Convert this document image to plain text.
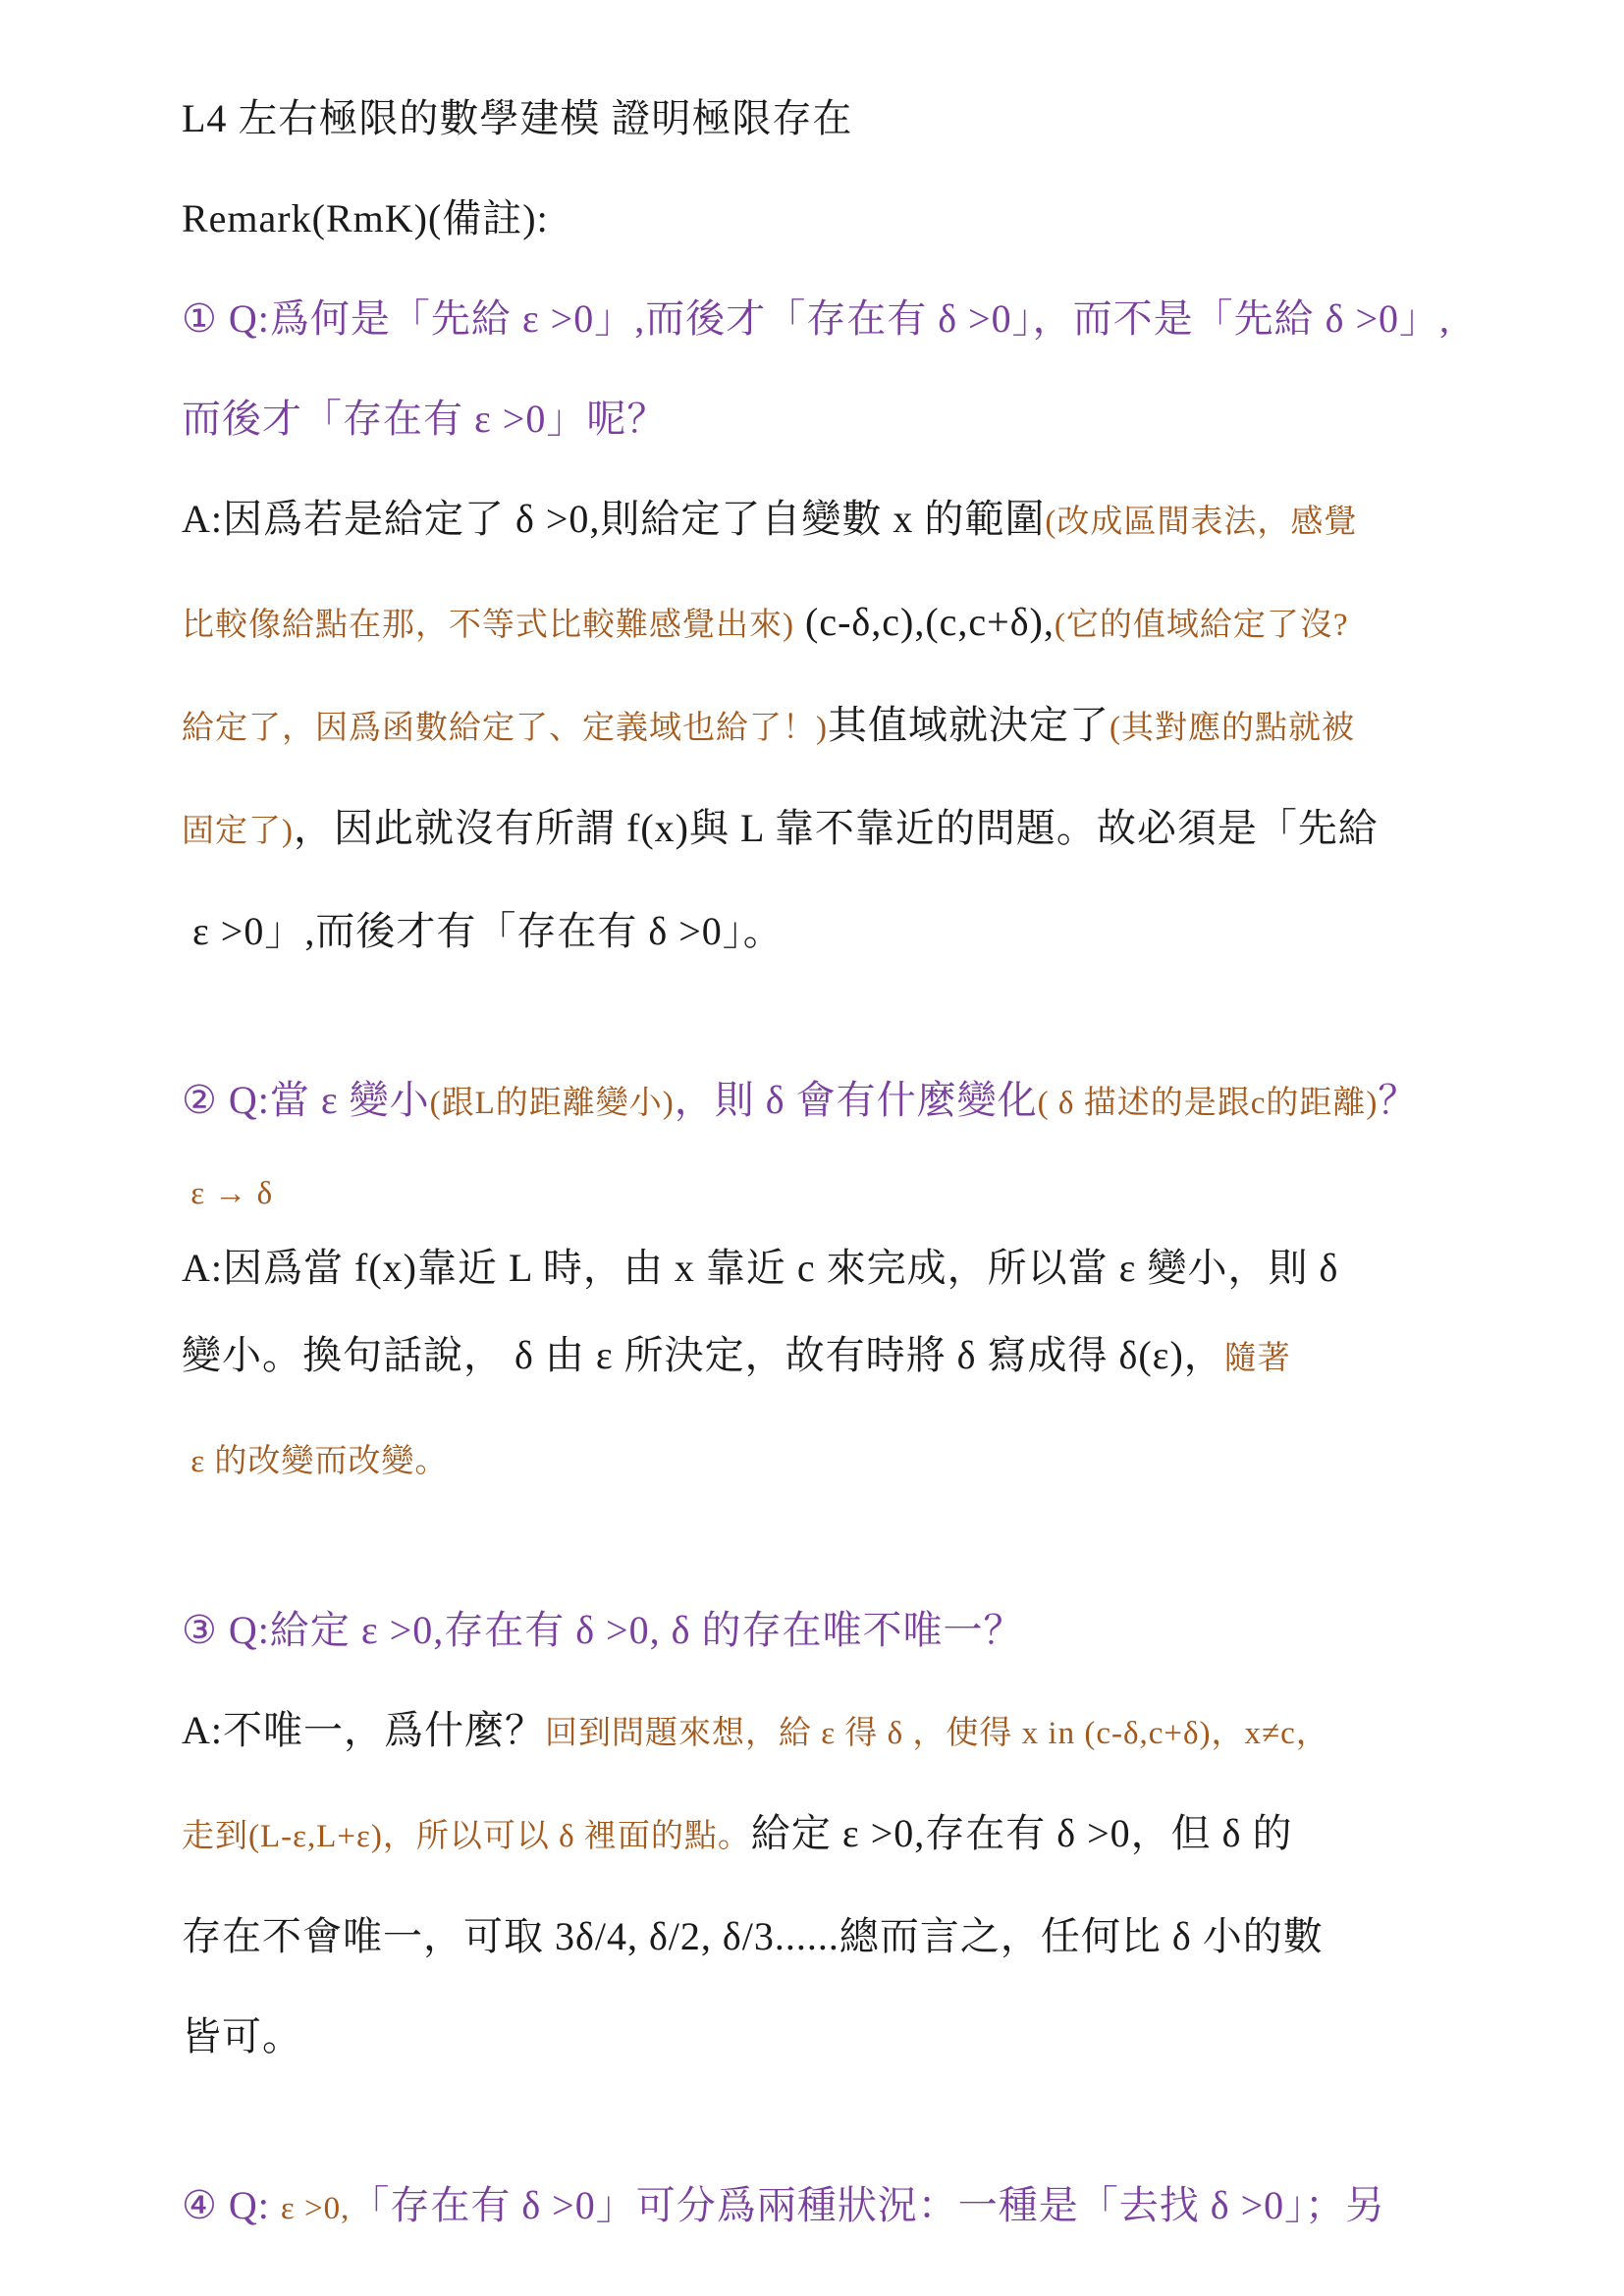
L4 左右極限的數學建模 證明極限存在

Remark(RmK)(備註):

① Q:爲何是「先給 ε >0」,而後才「存在有 δ >0」，而不是「先給 δ >0」,

而後才「存在有 ε >0」呢？

A:因爲若是給定了 δ >0,則給定了自變數 x 的範圍(改成區間表法，感覺

比較像給點在那，不等式比較難感覺出來) (c-δ,c),(c,c+δ),(它的值域給定了沒?

給定了，因爲函數給定了、定義域也給了！)其值域就決定了(其對應的點就被

固定了)，因此就沒有所謂 f(x)與 L 靠不靠近的問題。故必須是「先給

ε >0」,而後才有「存在有 δ >0」。

② Q:當 ε 變小(跟L的距離變小)，則 δ 會有什麼變化( δ 描述的是跟c的距離)？

ε → δ

A:因爲當 f(x)靠近 L 時，由 x 靠近 c 來完成，所以當 ε 變小，則 δ

變小。換句話說， δ 由 ε 所決定，故有時將 δ 寫成得 δ(ε)，隨著

ε 的改變而改變。

③ Q:給定 ε >0,存在有 δ >0, δ 的存在唯不唯一？

A:不唯一，爲什麼？回到問題來想，給 ε 得 δ ，使得 x in (c-δ,c+δ)，x≠c，

走到(L-ε,L+ε)，所以可以 δ 裡面的點。給定 ε >0,存在有 δ >0，但 δ 的

存在不會唯一，可取 3δ/4, δ/2, δ/3......總而言之，任何比 δ 小的數

皆可。

④ Q: ε >0,「存在有 δ >0」可分爲兩種狀況：一種是「去找 δ >0」；另
